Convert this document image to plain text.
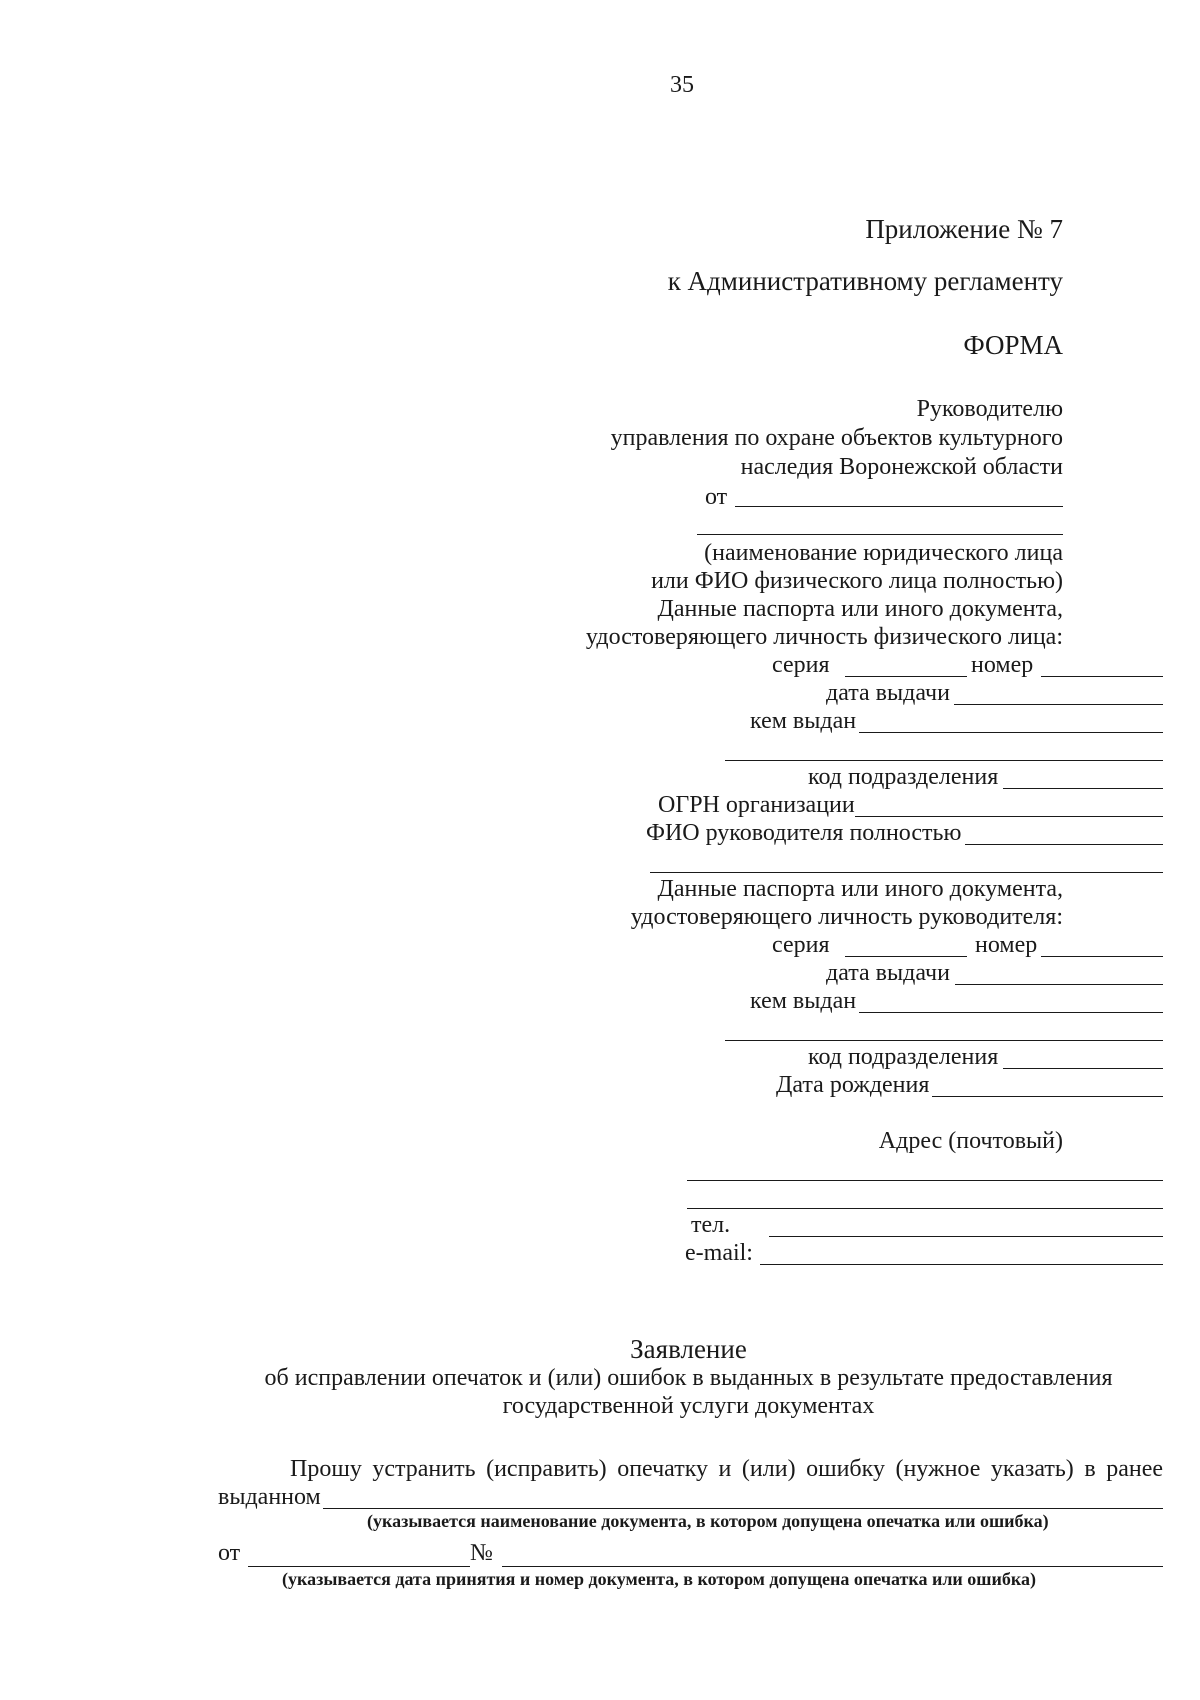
35
Приложение № 7
к Административному регламенту
ФОРМА
Руководителю
управления по охране объектов культурного
наследия Воронежской области
от
(наименование юридического лица
или ФИО физического лица полностью)
Данные паспорта или иного документа,
удостоверяющего личность физического лица:
серия	номер
дата выдачи
кем выдан
код подразделения
ОГРН организации
ФИО руководителя полностью
Данные паспорта или иного документа,
удостоверяющего личность руководителя:
серия	номер
дата выдачи
кем выдан
код подразделения
Дата рождения
Адрес (почтовый)
тел.
e-mail:
Заявление
об исправлении опечаток и (или) ошибок в выданных в результате предоставления
государственной услуги документах
Прошу устранить (исправить) опечатку и (или) ошибку (нужное указать) в ранее
выданном
(указывается наименование документа, в котором допущена опечатка или ошибка)
от	№
(указывается дата принятия и номер документа, в котором допущена опечатка или ошибка)
